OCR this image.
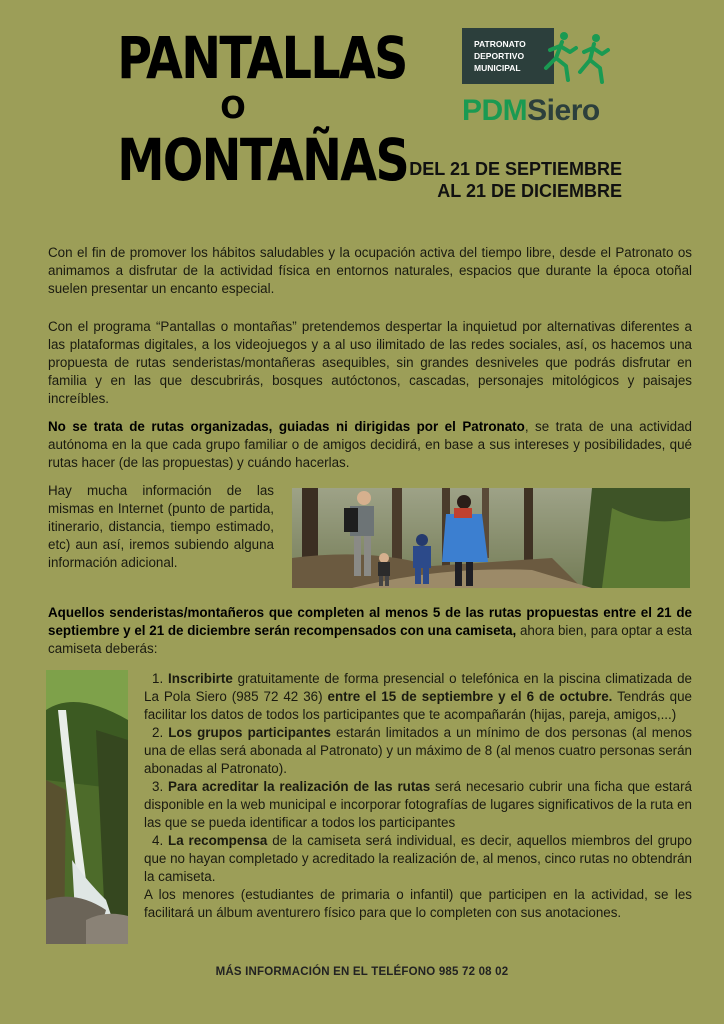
PANTALLAS
O
MONTAÑAS
PATRONATO
DEPORTIVO
MUNICIPAL
PDMSiero
DEL 21 DE SEPTIEMBRE
AL 21 DE DICIEMBRE

Con el fin de promover los hábitos saludables y la ocupación activa del tiempo libre, desde el Patronato os animamos a disfrutar de la actividad física en entornos naturales, espacios que durante la época otoñal suelen presentar un encanto especial.

Con el programa “Pantallas o montañas” pretendemos despertar la inquietud por alternativas diferentes a las plataformas digitales, a los videojuegos y a al uso ilimitado de las redes sociales, así, os hacemos una propuesta de rutas senderistas/montañeras asequibles, sin grandes desniveles que podrás disfrutar en familia y en las que descubrirás, bosques autóctonos, cascadas, personajes mitológicos y paisajes increíbles.

No se trata de rutas organizadas, guiadas ni dirigidas por el Patronato, se trata de una actividad autónoma en la que cada grupo familiar o de amigos decidirá, en base a sus intereses y posibilidades, qué rutas hacer (de las propuestas) y cuándo hacerlas.

Hay mucha información de las mismas en Internet (punto de partida, itinerario, distancia, tiempo estimado, etc) aun así, iremos subiendo alguna información adicional.

Aquellos senderistas/montañeros que completen al menos 5 de las rutas propuestas entre el 21 de septiembre y el 21 de diciembre serán recompensados con una camiseta, ahora bien, para optar a esta camiseta deberás:

1. Inscribirte gratuitamente de forma presencial o telefónica en la piscina climatizada de La Pola Siero (985 72 42 36) entre el 15 de septiembre y el 6 de octubre. Tendrás que facilitar los datos de todos los participantes que te acompañarán (hijas, pareja, amigos,...)
2. Los grupos participantes estarán limitados a un mínimo de dos personas (al menos una de ellas será abonada al Patronato) y un máximo de 8 (al menos cuatro personas serán abonadas al Patronato).
3. Para acreditar la realización de las rutas será necesario cubrir una ficha que estará disponible en la web municipal e incorporar fotografías de lugares significativos de la ruta en las que se pueda identificar a todos los participantes
4. La recompensa de la camiseta será individual, es decir, aquellos miembros del grupo que no hayan completado y acreditado la realización de, al menos, cinco rutas no obtendrán la camiseta.
A los menores (estudiantes de primaria o infantil) que participen en la actividad, se les facilitará un álbum aventurero físico para que lo completen con sus anotaciones.
MÁS INFORMACIÓN EN EL TELÉFONO 985 72 08 02
